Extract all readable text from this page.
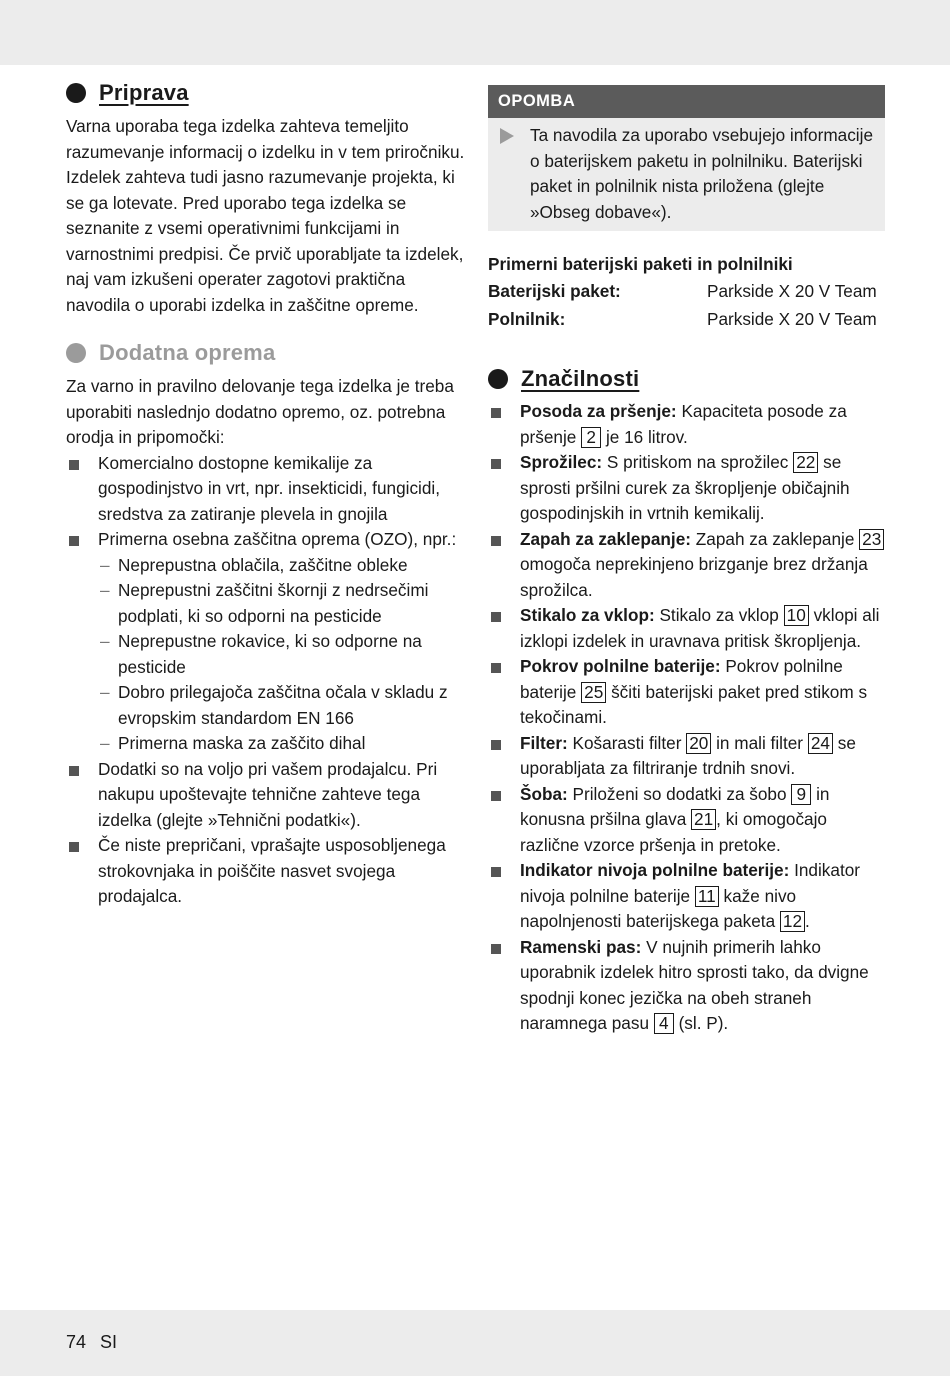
Priprava

Varna uporaba tega izdelka zahteva temeljito razumevanje informacij o izdelku in v tem priročniku. Izdelek zahteva tudi jasno razumevanje projekta, ki se ga lotevate. Pred uporabo tega izdelka se seznanite z vsemi operativnimi funkcijami in varnostnimi predpisi. Če prvič uporabljate ta izdelek, naj vam izkušeni operater zagotovi praktična navodila o uporabi izdelka in zaščitne opreme.

Dodatna oprema

Za varno in pravilno delovanje tega izdelka je treba uporabiti naslednjo dodatno opremo, oz. potrebna orodja in pripomočki:

Komercialno dostopne kemikalije za gospodinjstvo in vrt, npr. insekticidi, fungicidi, sredstva za zatiranje plevela in gnojila
Primerna osebna zaščitna oprema (OZO), npr.:
– Neprepustna oblačila, zaščitne obleke
– Neprepustni zaščitni škornji z nedrsečimi podplati, ki so odporni na pesticide
– Neprepustne rokavice, ki so odporne na pesticide
– Dobro prilegajoča zaščitna očala v skladu z evropskim standardom EN 166
– Primerna maska za zaščito dihal
Dodatki so na voljo pri vašem prodajalcu. Pri nakupu upoštevajte tehnične zahteve tega izdelka (glejte »Tehnični podatki«).
Če niste prepričani, vprašajte usposobljenega strokovnjaka in poiščite nasvet svojega prodajalca.
OPOMBA
Ta navodila za uporabo vsebujejo informacije o baterijskem paketu in polnilniku. Baterijski paket in polnilnik nista priložena (glejte »Obseg dobave«).
Primerni baterijski paketi in polnilniki
Baterijski paket:	Parkside X 20 V Team
Polnilnik:	Parkside X 20 V Team
Značilnosti
Posoda za pršenje: Kapaciteta posode za pršenje 2 je 16 litrov.
Sprožilec: S pritiskom na sprožilec 22 se sprosti pršilni curek za škropljenje običajnih gospodinjskih in vrtnih kemikalij.
Zapah za zaklepanje: Zapah za zaklepanje 23 omogoča neprekinjeno brizganje brez držanja sprožilca.
Stikalo za vklop: Stikalo za vklop 10 vklopi ali izklopi izdelek in uravnava pritisk škropljenja.
Pokrov polnilne baterije: Pokrov polnilne baterije 25 ščiti baterijski paket pred stikom s tekočinami.
Filter: Košarasti filter 20 in mali filter 24 se uporabljata za filtriranje trdnih snovi.
Šoba: Priloženi so dodatki za šobo 9 in konusna pršilna glava 21 , ki omogočajo različne vzorce pršenja in pretoke.
Indikator nivoja polnilne baterije: Indikator nivoja polnilne baterije 11 kaže nivo napolnjenosti baterijskega paketa 12 .
Ramenski pas: V nujnih primerih lahko uporabnik izdelek hitro sprosti tako, da dvigne spodnji konec jezička na obeh straneh naramnega pasu 4 (sl. P).
74 SI
